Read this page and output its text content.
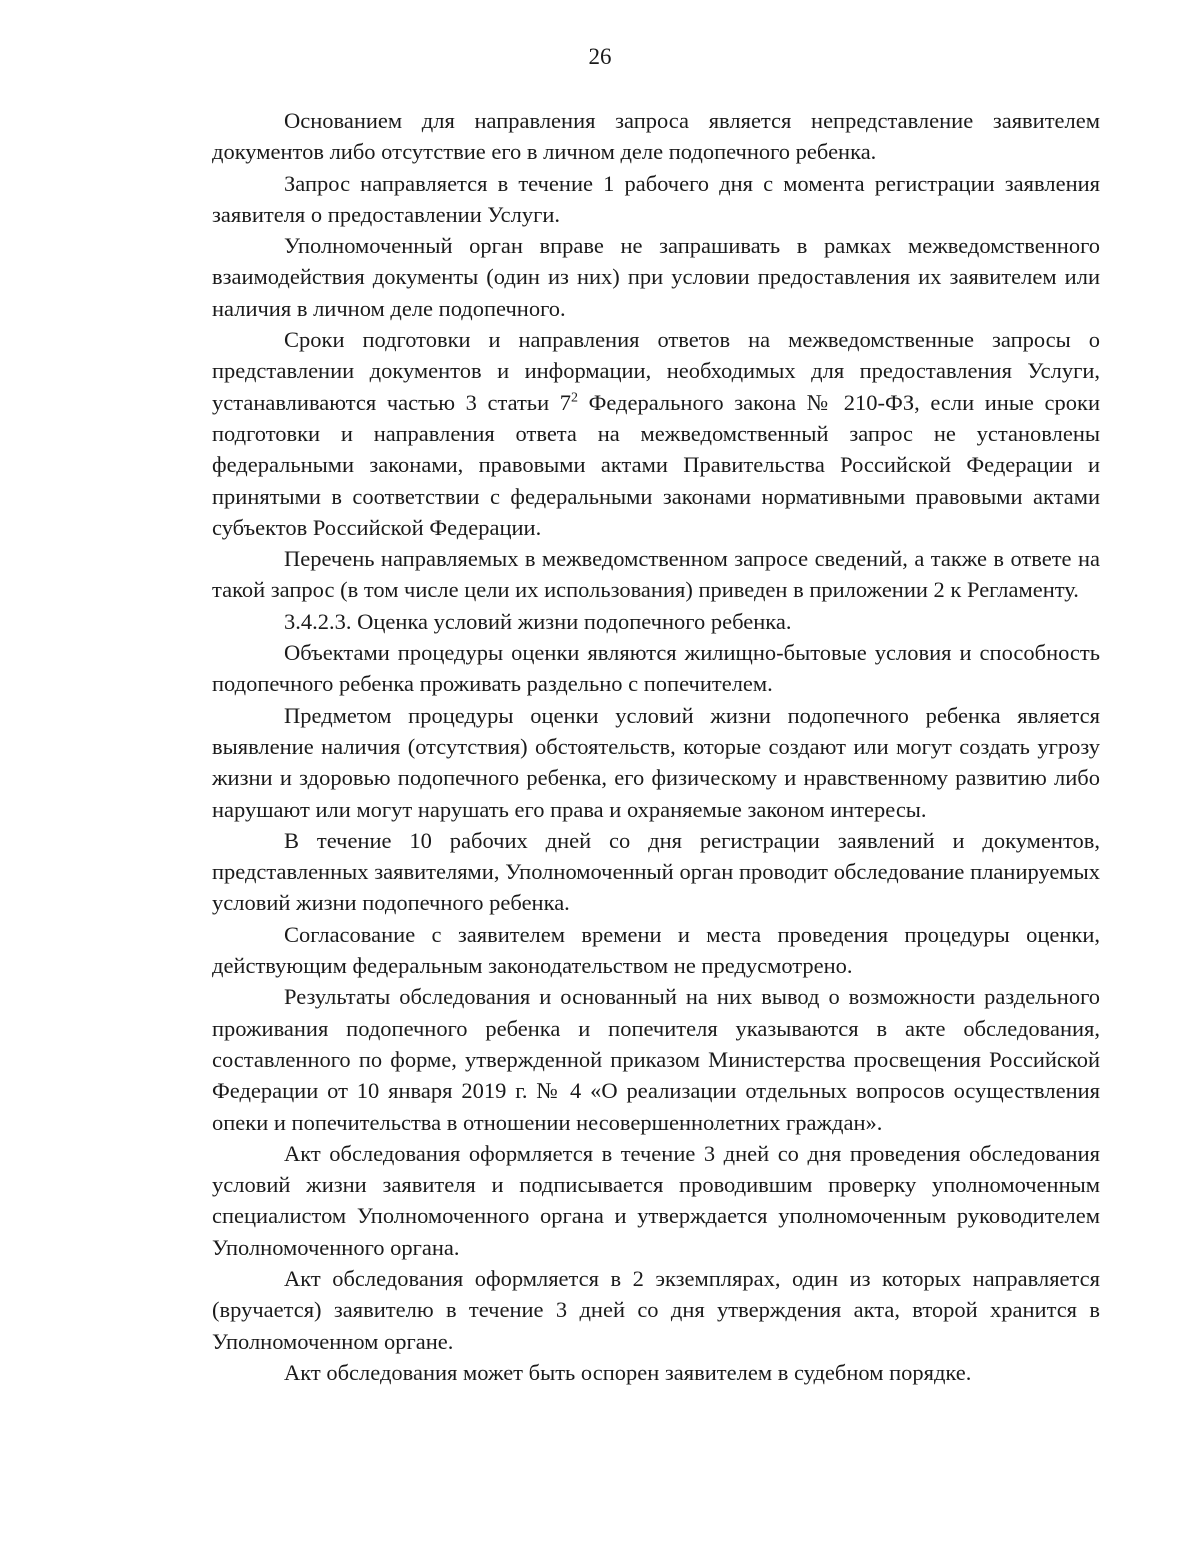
26

Основанием для направления запроса является непредставление заявителем документов либо отсутствие его в личном деле подопечного ребенка.

Запрос направляется в течение 1 рабочего дня с момента регистрации заявления заявителя о предоставлении Услуги.

Уполномоченный орган вправе не запрашивать в рамках межведомственного взаимодействия документы (один из них) при условии предоставления их заявителем или наличия в личном деле подопечного.

Сроки подготовки и направления ответов на межведомственные запросы о представлении документов и информации, необходимых для предоставления Услуги, устанавливаются частью 3 статьи $7^2$ Федерального закона № 210-ФЗ, если иные сроки подготовки и направления ответа на межведомственный запрос не установлены федеральными законами, правовыми актами Правительства Российской Федерации и принятыми в соответствии с федеральными законами нормативными правовыми актами субъектов Российской Федерации.

Перечень направляемых в межведомственном запросе сведений, а также в ответе на такой запрос (в том числе цели их использования) приведен в приложении 2 к Регламенту.

3.4.2.3. Оценка условий жизни подопечного ребенка.

Объектами процедуры оценки являются жилищно-бытовые условия и способность подопечного ребенка проживать раздельно с попечителем.

Предметом процедуры оценки условий жизни подопечного ребенка является выявление наличия (отсутствия) обстоятельств, которые создают или могут создать угрозу жизни и здоровью подопечного ребенка, его физическому и нравственному развитию либо нарушают или могут нарушать его права и охраняемые законом интересы.

В течение 10 рабочих дней со дня регистрации заявлений и документов, представленных заявителями, Уполномоченный орган проводит обследование планируемых условий жизни подопечного ребенка.

Согласование с заявителем времени и места проведения процедуры оценки, действующим федеральным законодательством не предусмотрено.

Результаты обследования и основанный на них вывод о возможности раздельного проживания подопечного ребенка и попечителя указываются в акте обследования, составленного по форме, утвержденной приказом Министерства просвещения Российской Федерации от 10 января 2019 г. № 4 «О реализации отдельных вопросов осуществления опеки и попечительства в отношении несовершеннолетних граждан».

Акт обследования оформляется в течение 3 дней со дня проведения обследования условий жизни заявителя и подписывается проводившим проверку уполномоченным специалистом Уполномоченного органа и утверждается уполномоченным руководителем Уполномоченного органа.

Акт обследования оформляется в 2 экземплярах, один из которых направляется (вручается) заявителю в течение 3 дней со дня утверждения акта, второй хранится в Уполномоченном органе.

Акт обследования может быть оспорен заявителем в судебном порядке.
